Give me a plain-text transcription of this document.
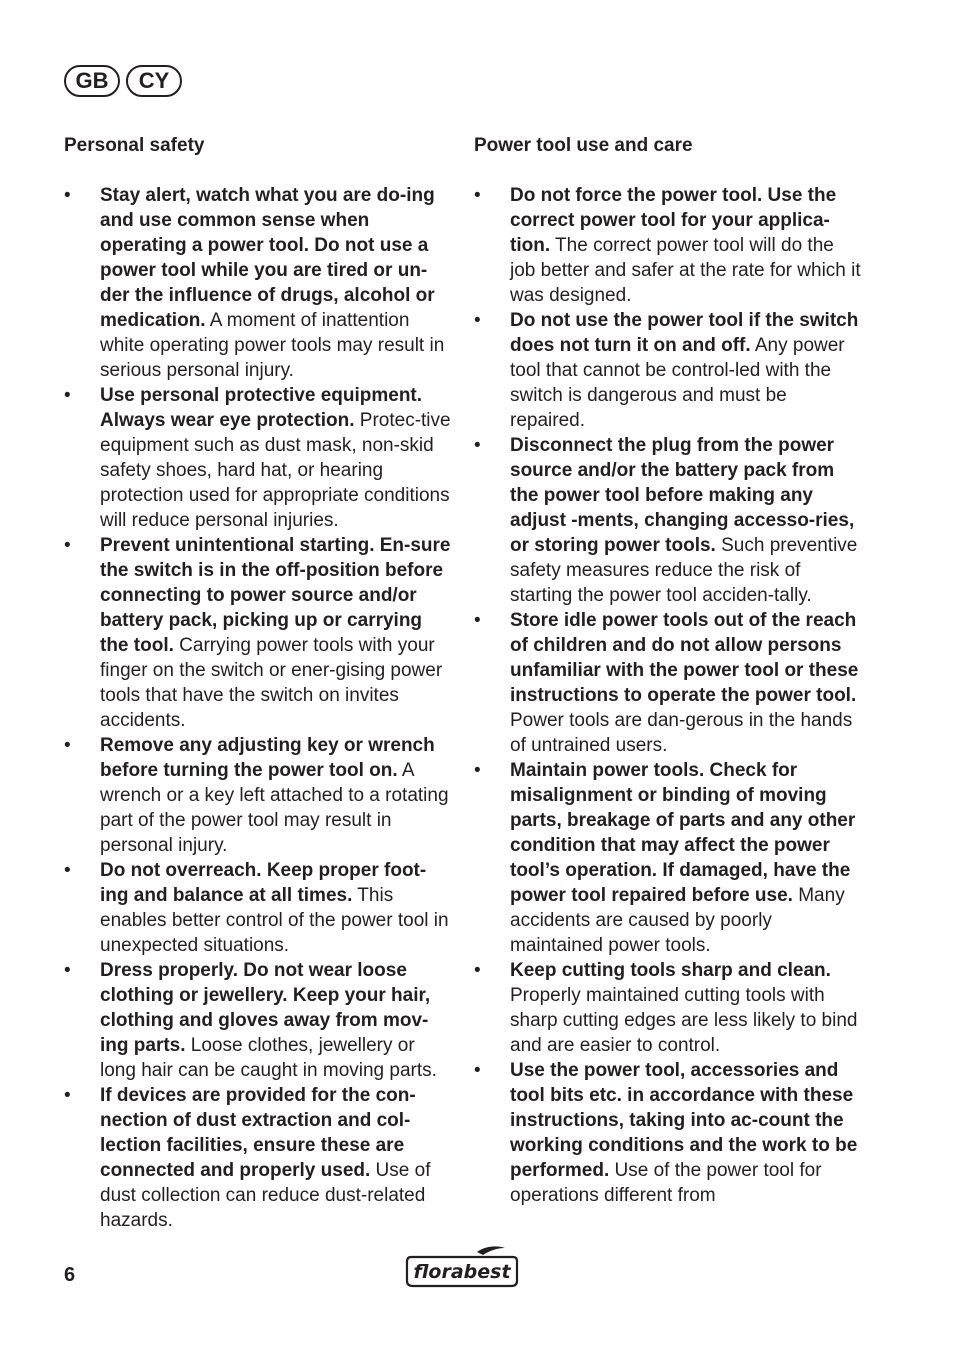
GB	CY
Personal safety
• Stay alert, watch what you are do-ing and use common sense when operating a power tool. Do not use a power tool while you are tired or un-der the influence of drugs, alcohol or medication. A moment of inattention white operating power tools may result in serious personal injury.
• Use personal protective equipment. Always wear eye protection. Protec-tive equipment such as dust mask, non-skid safety shoes, hard hat, or hearing protection used for appropriate conditions will reduce personal injuries.
• Prevent unintentional starting. En-sure the switch is in the off-position before connecting to power source and/or battery pack, picking up or carrying the tool. Carrying power tools with your finger on the switch or ener-gising power tools that have the switch on invites accidents.
• Remove any adjusting key or wrench before turning the power tool on. A wrench or a key left attached to a rotating part of the power tool may result in personal injury.
• Do not overreach. Keep proper foot-ing and balance at all times. This enables better control of the power tool in unexpected situations.
• Dress properly. Do not wear loose clothing or jewellery. Keep your hair, clothing and gloves away from mov-ing parts. Loose clothes, jewellery or long hair can be caught in moving parts.
• If devices are provided for the con-nection of dust extraction and col-lection facilities, ensure these are connected and properly used. Use of dust collection can reduce dust-related hazards.
Power tool use and care
• Do not force the power tool. Use the correct power tool for your applica-tion. The correct power tool will do the job better and safer at the rate for which it was designed.
• Do not use the power tool if the switch does not turn it on and off. Any power tool that cannot be control-led with the switch is dangerous and must be repaired.
• Disconnect the plug from the power source and/or the battery pack from the power tool before making any adjust -ments, changing accesso-ries, or storing power tools. Such preventive safety measures reduce the risk of starting the power tool acciden-tally.
• Store idle power tools out of the reach of children and do not allow persons unfamiliar with the power tool or these instructions to operate the power tool. Power tools are dan-gerous in the hands of untrained users.
• Maintain power tools. Check for misalignment or binding of moving parts, breakage of parts and any other condition that may affect the power tool’s operation. If damaged, have the power tool repaired before use. Many accidents are caused by poorly maintained power tools.
• Keep cutting tools sharp and clean. Properly maintained cutting tools with sharp cutting edges are less likely to bind and are easier to control.
• Use the power tool, accessories and tool bits etc. in accordance with these instructions, taking into ac-count the working conditions and the work to be performed. Use of the power tool for operations different from
6	florabest
